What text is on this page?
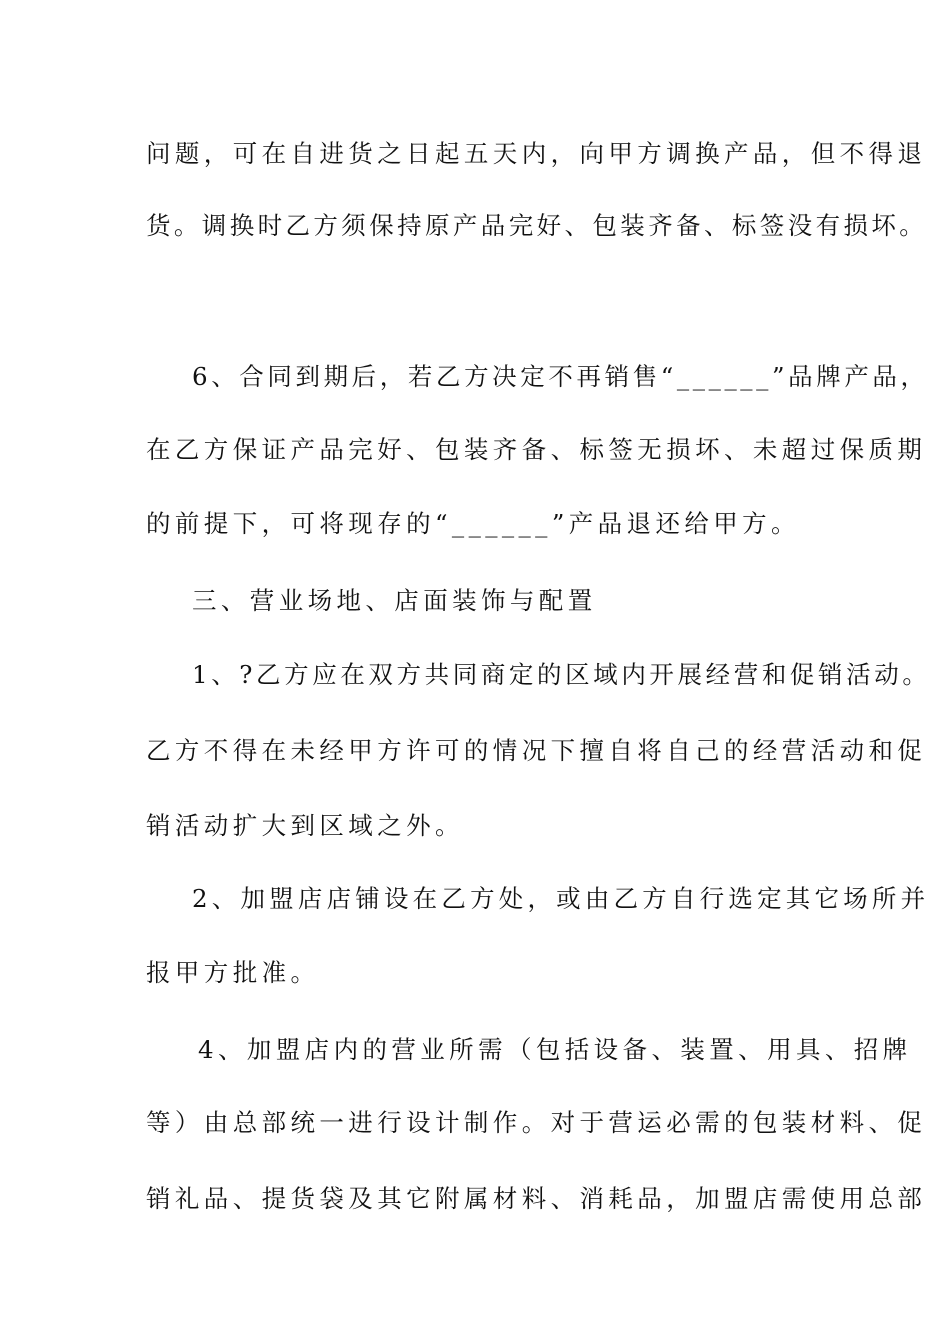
问题，可在自进货之日起五天内，向甲方调换产品，但不得退
货。调换时乙方须保持原产品完好、包装齐备、标签没有损坏。
6、合同到期后，若乙方决定不再销售“______”品牌产品，
在乙方保证产品完好、包装齐备、标签无损坏、未超过保质期
的前提下，可将现存的“______”产品退还给甲方。
三、营业场地、店面装饰与配置
1、?乙方应在双方共同商定的区域内开展经营和促销活动。
乙方不得在未经甲方许可的情况下擅自将自己的经营活动和促
销活动扩大到区域之外。
2、加盟店店铺设在乙方处，或由乙方自行选定其它场所并
报甲方批准。
4、加盟店内的营业所需（包括设备、装置、用具、招牌
等）由总部统一进行设计制作。对于营运必需的包装材料、促
销礼品、提货袋及其它附属材料、消耗品，加盟店需使用总部
